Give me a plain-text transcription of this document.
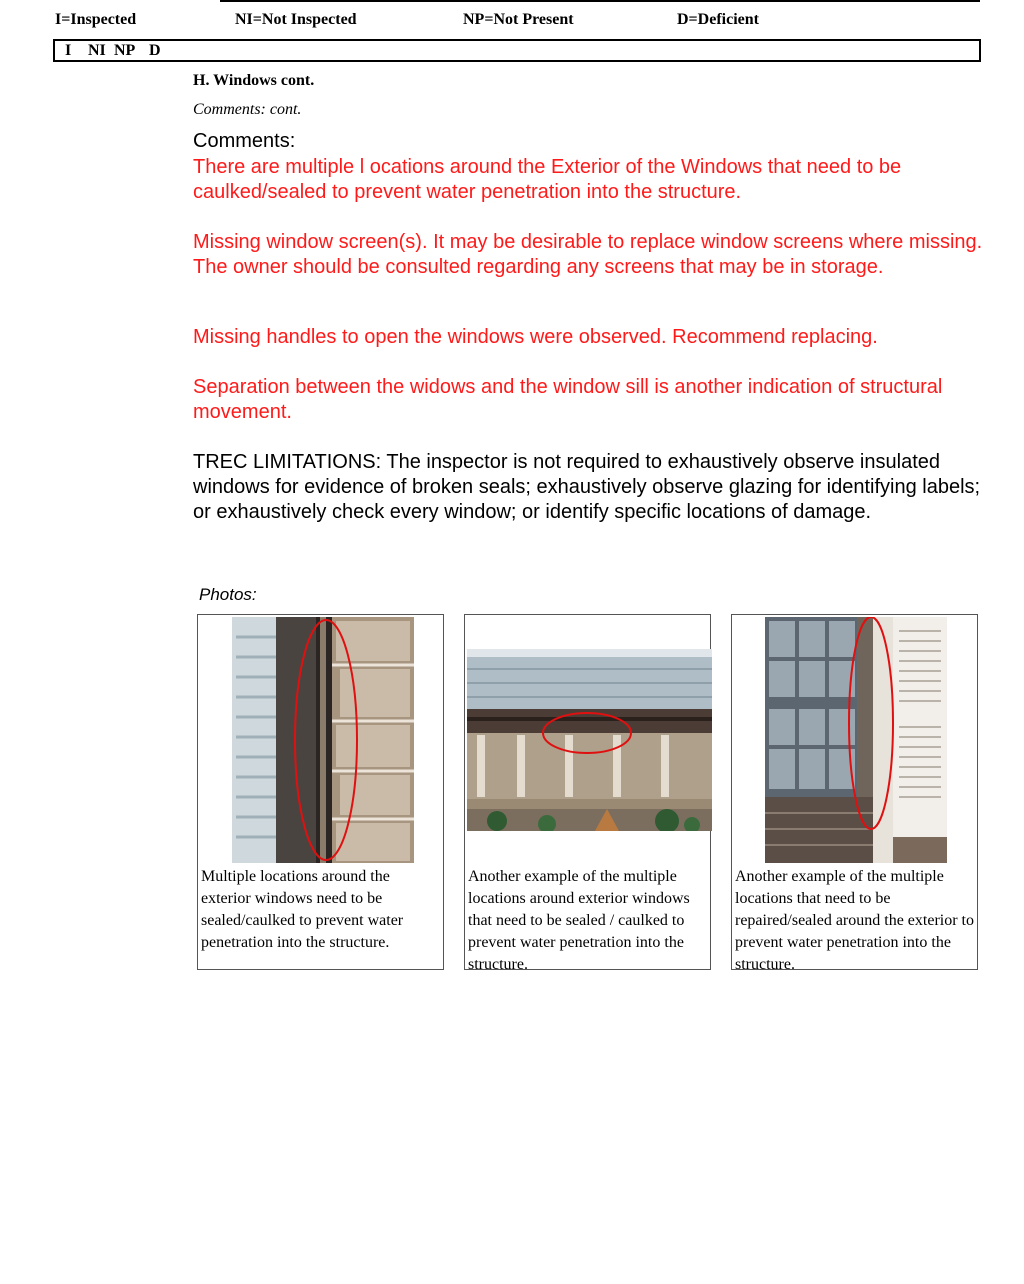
I=Inspected	NI=Not Inspected	NP=Not Present	D=Deficient
I NI NP D
H. Windows cont.
Comments: cont.
Comments:

There are multiple l ocations around the Exterior of the Windows that need to be caulked/sealed to prevent water penetration into the structure.

Missing window screen(s). It may be desirable to replace window screens where missing. The owner should be consulted regarding any screens that may be in storage.

Missing handles to open the windows were observed. Recommend replacing.

Separation between the widows and the window sill is another indication of structural movement.

TREC LIMITATIONS: The inspector is not required to exhaustively observe insulated windows for evidence of broken seals; exhaustively observe glazing for identifying labels; or exhaustively check every window; or identify specific locations of damage.

Photos:
Multiple locations around the exterior windows need to be sealed/caulked to prevent water penetration into the structure.
Another example of the multiple locations around exterior windows that need to be sealed / caulked to prevent water penetration into the structure.
Another example of the multiple locations that need to be repaired/sealed around the exterior to prevent water penetration into the structure.
